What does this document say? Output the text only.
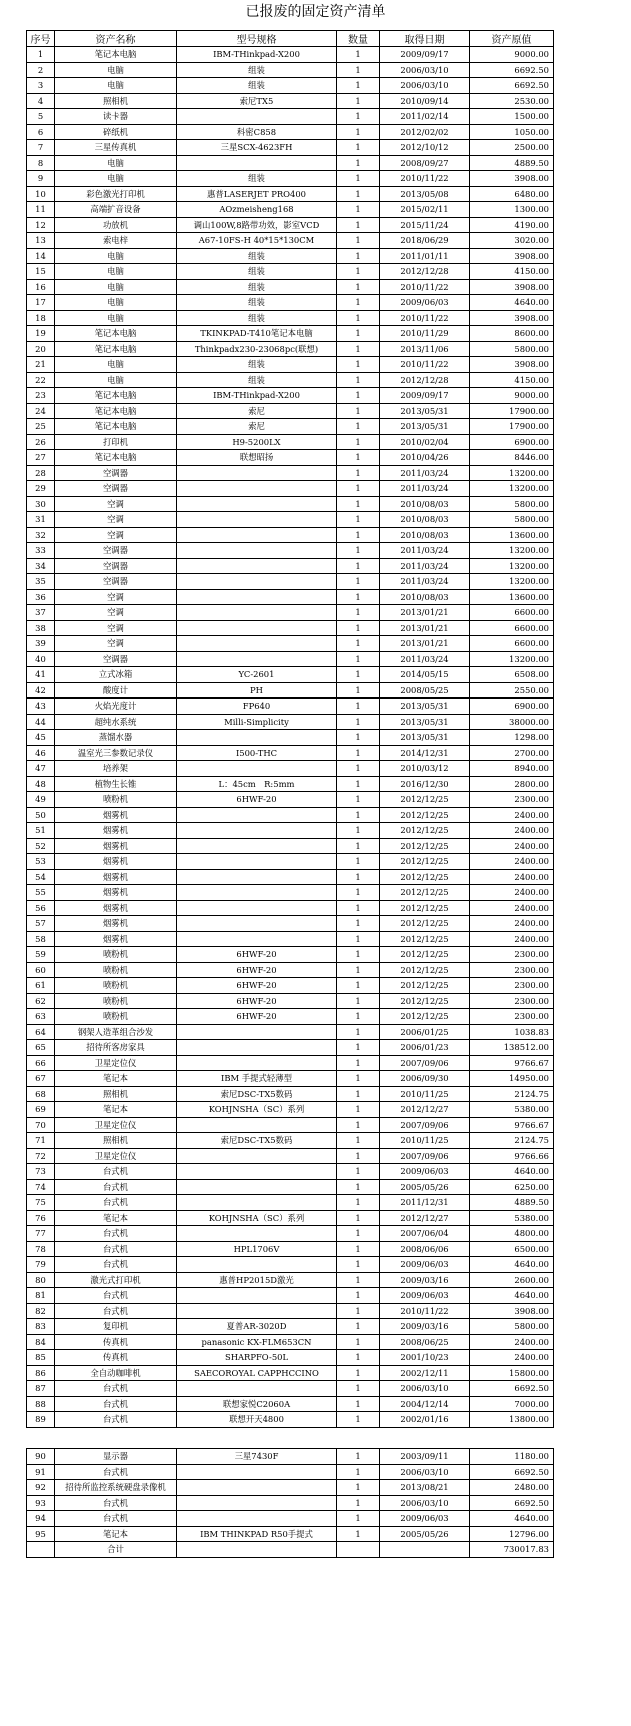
已报废的固定资产清单
序号	资产名称	型号规格	数量	取得日期	资产原值
1	笔记本电脑	IBM-THinkpad-X200	1	2009/09/17	9000.00
2	电脑	组装	1	2006/03/10	6692.50
3	电脑	组装	1	2006/03/10	6692.50
4	照相机	索尼TX5	1	2010/09/14	2530.00
5	读卡器		1	2011/02/14	1500.00
6	碎纸机	科密C858	1	2012/02/02	1050.00
7	三星传真机	三星SCX-4623FH	1	2012/10/12	2500.00
8	电脑		1	2008/09/27	4889.50
9	电脑	组装	1	2010/11/22	3908.00
10	彩色激光打印机	惠普LASERJET PRO400	1	2013/05/08	6480.00
11	高端扩音设备	AOzmeisheng168	1	2015/02/11	1300.00
12	功放机	调山100W,8路带功效，影室VCD	1	2015/11/24	4190.00
13	索电梓	A67-10FS-H 40*15*130CM	1	2018/06/29	3020.00
14	电脑	组装	1	2011/01/11	3908.00
15	电脑	组装	1	2012/12/28	4150.00
16	电脑	组装	1	2010/11/22	3908.00
17	电脑	组装	1	2009/06/03	4640.00
18	电脑	组装	1	2010/11/22	3908.00
19	笔记本电脑	TKINKPAD-T410笔记本电脑	1	2010/11/29	8600.00
20	笔记本电脑	Thinkpadx230-23068pc(联想)	1	2013/11/06	5800.00
21	电脑	组装	1	2010/11/22	3908.00
22	电脑	组装	1	2012/12/28	4150.00
23	笔记本电脑	IBM-THinkpad-X200	1	2009/09/17	9000.00
24	笔记本电脑	索尼	1	2013/05/31	17900.00
25	笔记本电脑	索尼	1	2013/05/31	17900.00
26	打印机	H9-5200LX	1	2010/02/04	6900.00
27	笔记本电脑	联想昭扬	1	2010/04/26	8446.00
28	空调器		1	2011/03/24	13200.00
29	空调器		1	2011/03/24	13200.00
30	空调		1	2010/08/03	5800.00
31	空调		1	2010/08/03	5800.00
32	空调		1	2010/08/03	13600.00
33	空调器		1	2011/03/24	13200.00
34	空调器		1	2011/03/24	13200.00
35	空调器		1	2011/03/24	13200.00
36	空调		1	2010/08/03	13600.00
37	空调		1	2013/01/21	6600.00
38	空调		1	2013/01/21	6600.00
39	空调		1	2013/01/21	6600.00
40	空调器		1	2011/03/24	13200.00
41	立式冰箱	YC-2601	1	2014/05/15	6508.00
42	酸度计	PH	1	2008/05/25	2550.00
43	火焰光度计	FP640	1	2013/05/31	6900.00
44	超纯水系统	Milli-Simplicity	1	2013/05/31	38000.00
45	蒸馏水器		1	2013/05/31	1298.00
46	温室光三参数记录仪	I500-THC	1	2014/12/31	2700.00
47	培养架		1	2010/03/12	8940.00
48	植物生长锥	L：45cm　R:5mm	1	2016/12/30	2800.00
49	喷粉机	6HWF-20	1	2012/12/25	2300.00
50	烟雾机		1	2012/12/25	2400.00
51	烟雾机		1	2012/12/25	2400.00
52	烟雾机		1	2012/12/25	2400.00
53	烟雾机		1	2012/12/25	2400.00
54	烟雾机		1	2012/12/25	2400.00
55	烟雾机		1	2012/12/25	2400.00
56	烟雾机		1	2012/12/25	2400.00
57	烟雾机		1	2012/12/25	2400.00
58	烟雾机		1	2012/12/25	2400.00
59	喷粉机	6HWF-20	1	2012/12/25	2300.00
60	喷粉机	6HWF-20	1	2012/12/25	2300.00
61	喷粉机	6HWF-20	1	2012/12/25	2300.00
62	喷粉机	6HWF-20	1	2012/12/25	2300.00
63	喷粉机	6HWF-20	1	2012/12/25	2300.00
64	钢架人造革组合沙发		1	2006/01/25	1038.83
65	招待所客房家具		1	2006/01/23	138512.00
66	卫星定位仪		1	2007/09/06	9766.67
67	笔记本	IBM 手提式轻薄型	1	2006/09/30	14950.00
68	照相机	索尼DSC-TX5数码	1	2010/11/25	2124.75
69	笔记本	KOHJNSHA（SC）系列	1	2012/12/27	5380.00
70	卫星定位仪		1	2007/09/06	9766.67
71	照相机	索尼DSC-TX5数码	1	2010/11/25	2124.75
72	卫星定位仪		1	2007/09/06	9766.66
73	台式机		1	2009/06/03	4640.00
74	台式机		1	2005/05/26	6250.00
75	台式机		1	2011/12/31	4889.50
76	笔记本	KOHJNSHA（SC）系列	1	2012/12/27	5380.00
77	台式机		1	2007/06/04	4800.00
78	台式机	HPL1706V	1	2008/06/06	6500.00
79	台式机		1	2009/06/03	4640.00
80	激光式打印机	惠普HP2015D激光	1	2009/03/16	2600.00
81	台式机		1	2009/06/03	4640.00
82	台式机		1	2010/11/22	3908.00
83	复印机	夏普AR-3020D	1	2009/03/16	5800.00
84	传真机	panasonic KX-FLM653CN	1	2008/06/25	2400.00
85	传真机	SHARPFO-50L	1	2001/10/23	2400.00
86	全自动咖啡机	SAECOROYAL CAPPHCCINO	1	2002/12/11	15800.00
87	台式机		1	2006/03/10	6692.50
88	台式机	联想家悦C2060A	1	2004/12/14	7000.00
89	台式机	联想开天4800	1	2002/01/16	13800.00
90	显示器	三星7430F	1	2003/09/11	1180.00
91	台式机		1	2006/03/10	6692.50
92	招待所监控系统硬盘录像机		1	2013/08/21	2480.00
93	台式机		1	2006/03/10	6692.50
94	台式机		1	2009/06/03	4640.00
95	笔记本	IBM THINKPAD R50手提式	1	2005/05/26	12796.00
	合计				730017.83
